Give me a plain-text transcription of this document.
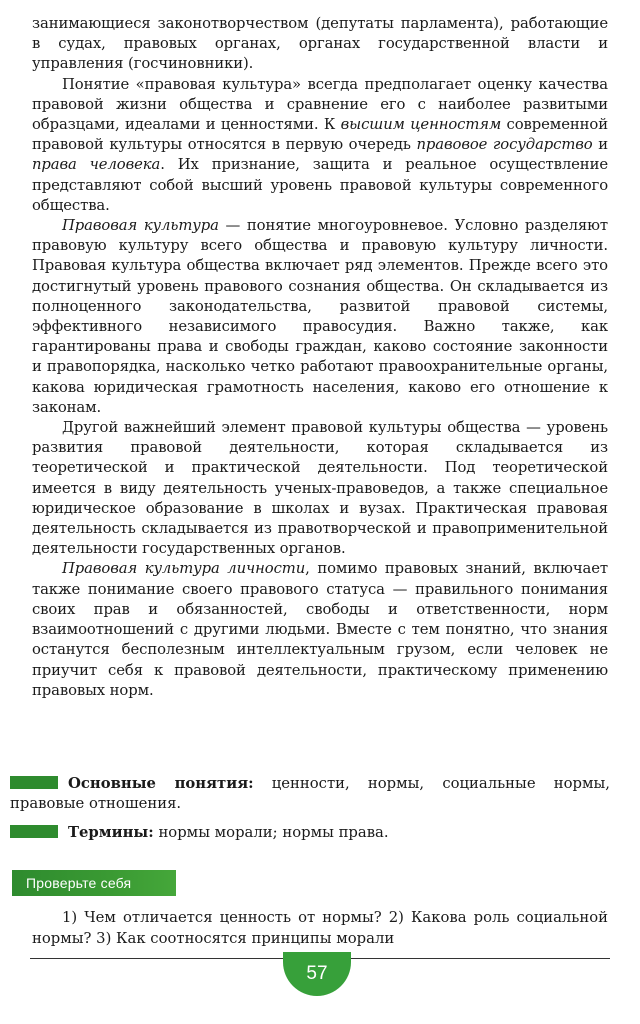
занимающиеся законотворчеством (депутаты парламента), работающие в судах, правовых органах, органах государственной власти и управления (госчиновники).

Понятие «правовая культура» всегда предполагает оценку качества правовой жизни общества и сравнение его с наиболее развитыми образцами, идеалами и ценностями. К высшим ценностям современной правовой культуры относятся в первую очередь правовое государство и права человека. Их признание, защита и реальное осуществление представляют собой высший уровень правовой культуры современного общества.

Правовая культура — понятие многоуровневое. Условно разделяют правовую культуру всего общества и правовую культуру личности. Правовая культура общества включает ряд элементов. Прежде всего это достигнутый уровень правового сознания общества. Он складывается из полноценного законодательства, развитой правовой системы, эффективного независимого правосудия. Важно также, как гарантированы права и свободы граждан, каково состояние законности и правопорядка, насколько четко работают правоохранительные органы, какова юридическая грамотность населения, каково его отношение к законам.

Другой важнейший элемент правовой культуры общества — уровень развития правовой деятельности, которая складывается из теоретической и практической деятельности. Под теоретической имеется в виду деятельность ученых-правоведов, а также специальное юридическое образование в школах и вузах. Практическая правовая деятельность складывается из правотворческой и правоприменительной деятельности государственных органов.

Правовая культура личности, помимо правовых знаний, включает также понимание своего правового статуса — правильного понимания своих прав и обязанностей, свободы и ответственности, норм взаимоотношений с другими людьми. Вместе с тем понятно, что знания останутся бесполезным интеллектуальным грузом, если человек не приучит себя к правовой деятельности, практическому применению правовых норм.

Основные понятия: ценности, нормы, социальные нормы, правовые отношения.
Термины: нормы морали; нормы права.
Проверьте себя

1) Чем отличается ценность от нормы? 2) Какова роль социальной нормы? 3) Как соотносятся принципы морали

57
